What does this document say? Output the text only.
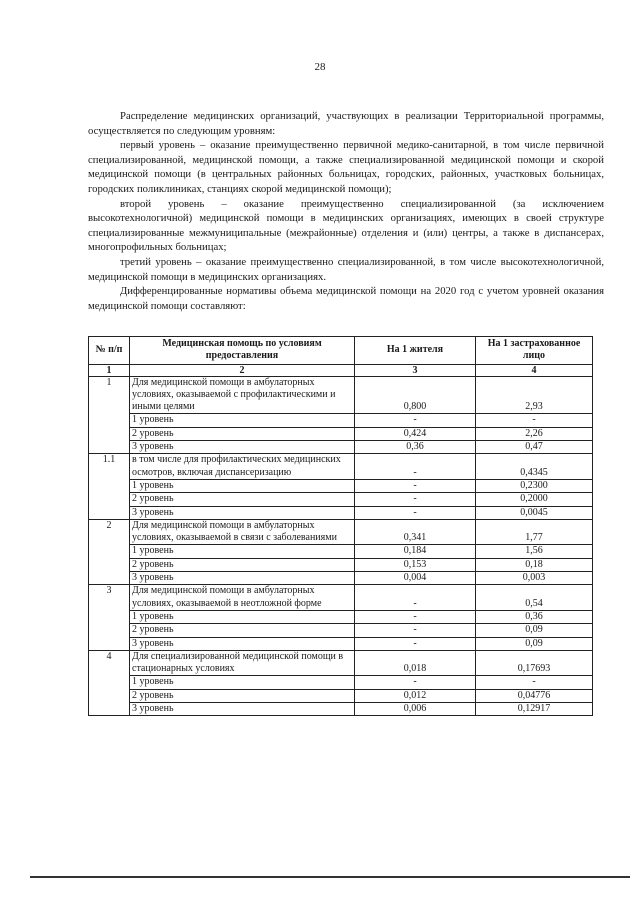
28

Распределение медицинских организаций, участвующих в реализации Территориальной программы, осуществляется по следующим уровням:

первый уровень – оказание преимущественно первичной медико-санитарной, в том числе первичной специализированной, медицинской помощи, а также специализированной медицинской помощи и скорой медицинской помощи (в центральных районных больницах, городских, районных, участковых больницах, городских поликлиниках, станциях скорой медицинской помощи);

второй уровень – оказание преимущественно специализированной (за исключением высокотехнологичной) медицинской помощи в медицинских организациях, имеющих в своей структуре специализированные межмуниципальные (межрайонные) отделения и (или) центры, а также в диспансерах, многопрофильных больницах;

третий уровень – оказание преимущественно специализированной, в том числе высокотехнологичной, медицинской помощи в медицинских организациях.

Дифференцированные нормативы объема медицинской помощи на 2020 год с учетом уровней оказания медицинской помощи составляют:

№ п/п	Медицинская помощь по условиям предоставления	На 1 жителя	На 1 застрахованное лицо
1	2	3	4
1	Для медицинской помощи в амбулаторных условиях, оказываемой с профилактическими и иными целями	0,800	2,93
	1 уровень	-	-
	2 уровень	0,424	2,26
	3 уровень	0,36	0,47
1.1	в том числе для профилактических медицинских осмотров, включая диспансеризацию	-	0,4345
	1 уровень	-	0,2300
	2 уровень	-	0,2000
	3 уровень	-	0,0045
2	Для медицинской помощи в амбулаторных условиях, оказываемой в связи с заболеваниями	0,341	1,77
	1 уровень	0,184	1,56
	2 уровень	0,153	0,18
	3 уровень	0,004	0,003
3	Для медицинской помощи в амбулаторных условиях, оказываемой в неотложной форме	-	0,54
	1 уровень	-	0,36
	2 уровень	-	0,09
	3 уровень	-	0,09
4	Для специализированной медицинской помощи в стационарных условиях	0,018	0,17693
	1 уровень	-	-
	2 уровень	0,012	0,04776
	3 уровень	0,006	0,12917
